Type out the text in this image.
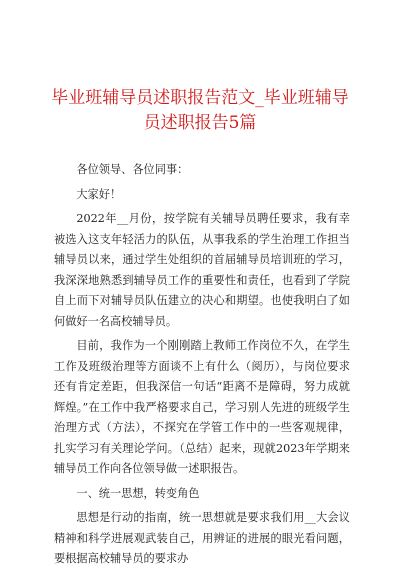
毕业班辅导员述职报告范文_毕业班辅导员述职报告5篇

各位领导、各位同事：

大家好！

2022年__月份，按学院有关辅导员聘任要求，我有幸被选入这支年轻活力的队伍，从事我系的学生治理工作担当辅导员以来，通过学生处组织的首届辅导员培训班的学习，我深深地熟悉到辅导员工作的重要性和责任，也看到了学院自上而下对辅导员队伍建立的决心和期望。也使我明白了如何做好一名高校辅导员。

目前，我作为一个刚刚踏上教师工作岗位不久，在学生工作及班级治理等方面谈不上有什么（阅历），与岗位要求还有肯定差距，但我深信一句话“距离不是障碍，努力成就辉煌。”在工作中我严格要求自己，学习别人先进的班级学生治理方式（方法），不探究在学管工作中的一些客观规律，扎实学习有关理论学问。（总结）起来，现就2023年学期来辅导员工作向各位领导做一述职报告。

一、统一思想，转变角色

思想是行动的指南，统一思想就是要求我们用__大会议精神和科学进展观武装自己，用辨证的进展的眼光看问题，要根据高校辅导员的要求办
